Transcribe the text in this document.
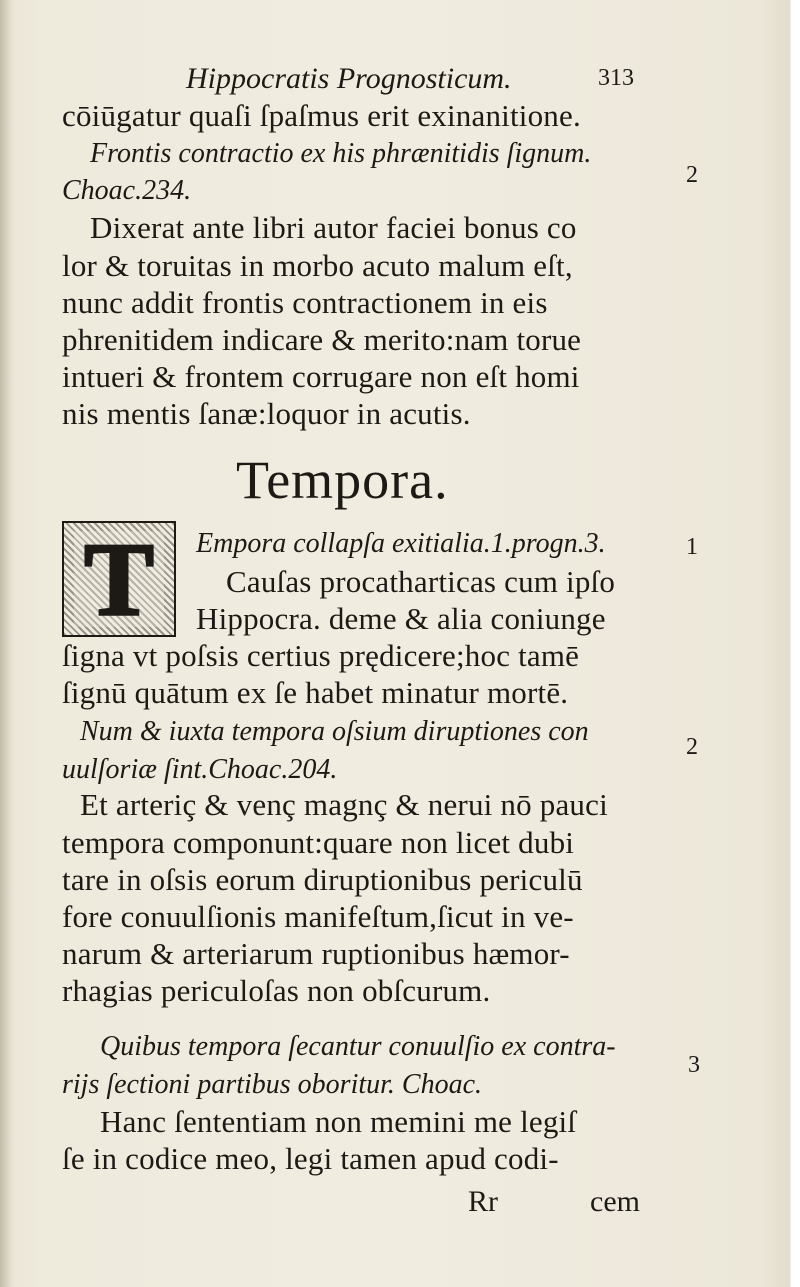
Hippocratis Prognosticum.	313
cōiūgatur quaſi ſpaſmus erit exinanitione.
Frontis contractio ex his phrænitidis ſignum.
Choac.234.
Dixerat ante libri autor faciei bonus co
lor & toruitas in morbo acuto malum eſt,
nunc addit frontis contractionem in eis
phrenitidem indicare & merito:nam torue
intueri & frontem corrugare non eſt homi
nis mentis ſanæ:loquor in acutis.
Tempora.
T	Empora collapſa exitialia.1.progn.3.
Cauſas procatharticas cum ipſo
Hippocra. deme & alia coniunge
ſigna vt poſsis certius prędicere;hoc tamē
ſignū quātum ex ſe habet minatur mortē.
Num & iuxta tempora oſsium diruptiones con
uulſoriæ ſint.Choac.204.
Et arteriç & venç magnç & nerui nō pauci
tempora componunt:quare non licet dubi
tare in oſsis eorum diruptionibus periculū
fore conuulſionis manifeſtum,ſicut in ve-
narum & arteriarum ruptionibus hæmor-
rhagias periculoſas non obſcurum.
Quibus tempora ſecantur conuulſio ex contra-
rijs ſectioni partibus oboritur. Choac.
Hanc ſententiam non memini me legiſ
ſe in codice meo, legi tamen apud codi-
Rr	cem
2
1
2
3
